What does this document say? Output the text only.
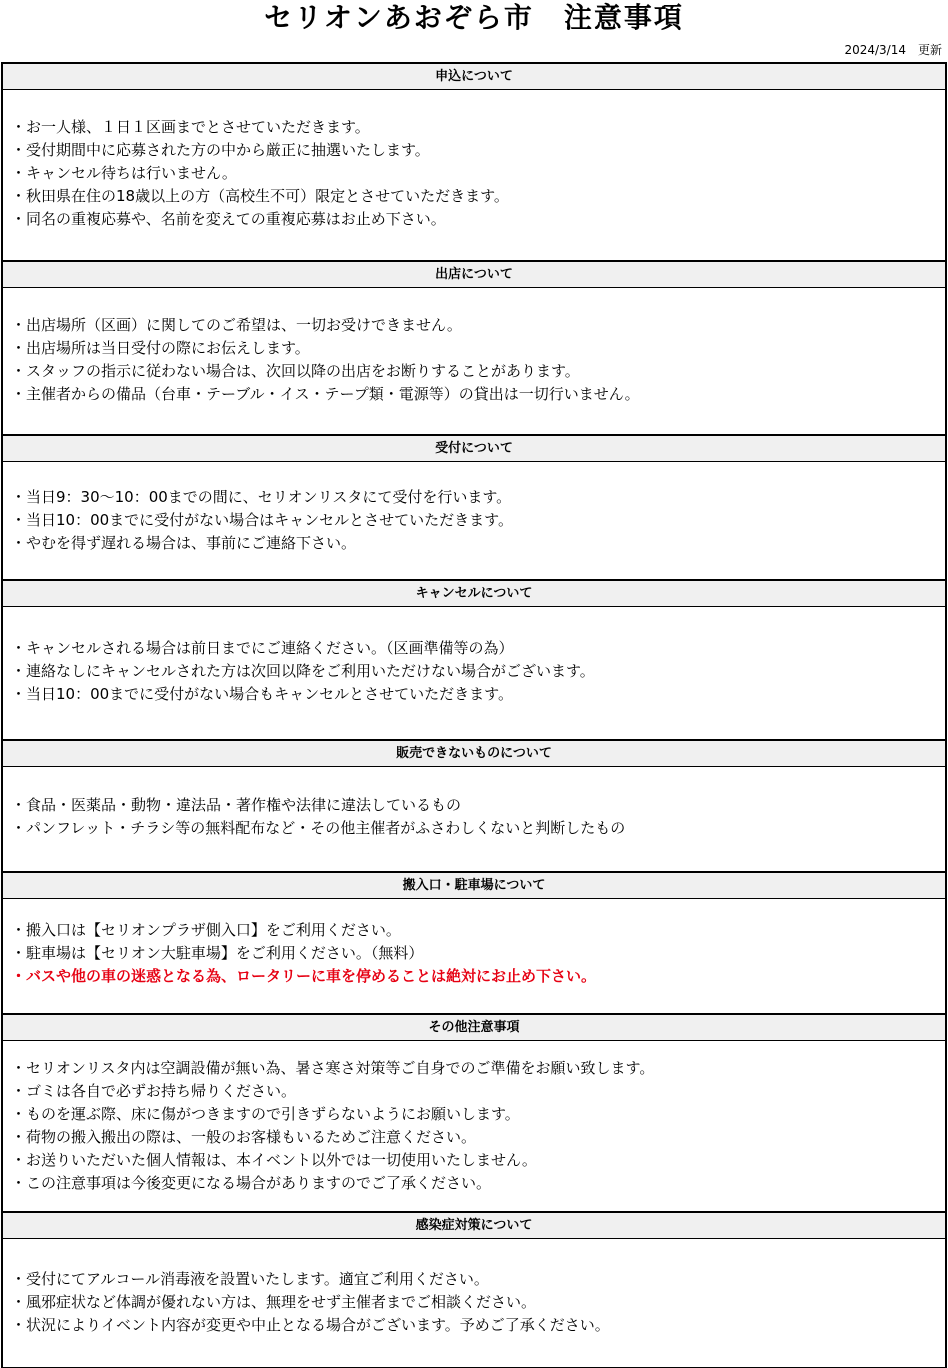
セリオンあおぞら市　注意事項
2024/3/14　更新
申込について
・お一人様、１日１区画までとさせていただきます。
・受付期間中に応募された方の中から厳正に抽選いたします。
・キャンセル待ちは行いません。
・秋田県在住の18歳以上の方（高校生不可）限定とさせていただきます。
・同名の重複応募や、名前を変えての重複応募はお止め下さい。
出店について
・出店場所（区画）に関してのご希望は、一切お受けできません。
・出店場所は当日受付の際にお伝えします。
・スタッフの指示に従わない場合は、次回以降の出店をお断りすることがあります。
・主催者からの備品（台車・テーブル・イス・テープ類・電源等）の貸出は一切行いません。
受付について
・当日9：30～10：00までの間に、セリオンリスタにて受付を行います。
・当日10：00までに受付がない場合はキャンセルとさせていただきます。
・やむを得ず遅れる場合は、事前にご連絡下さい。
キャンセルについて
・キャンセルされる場合は前日までにご連絡ください。（区画準備等の為）
・連絡なしにキャンセルされた方は次回以降をご利用いただけない場合がございます。
・当日10：00までに受付がない場合もキャンセルとさせていただきます。
販売できないものについて
・食品・医薬品・動物・違法品・著作権や法律に違法しているもの
・パンフレット・チラシ等の無料配布など・その他主催者がふさわしくないと判断したもの
搬入口・駐車場について
・搬入口は【セリオンプラザ側入口】をご利用ください。
・駐車場は【セリオン大駐車場】をご利用ください。（無料）
・バスや他の車の迷惑となる為、ロータリーに車を停めることは絶対にお止め下さい。
その他注意事項
・セリオンリスタ内は空調設備が無い為、暑さ寒さ対策等ご自身でのご準備をお願い致します。
・ゴミは各自で必ずお持ち帰りください。
・ものを運ぶ際、床に傷がつきますので引きずらないようにお願いします。
・荷物の搬入搬出の際は、一般のお客様もいるためご注意ください。
・お送りいただいた個人情報は、本イベント以外では一切使用いたしません。
・この注意事項は今後変更になる場合がありますのでご了承ください。
感染症対策について
・受付にてアルコール消毒液を設置いたします。適宜ご利用ください。
・風邪症状など体調が優れない方は、無理をせず主催者までご相談ください。
・状況によりイベント内容が変更や中止となる場合がございます。予めご了承ください。
